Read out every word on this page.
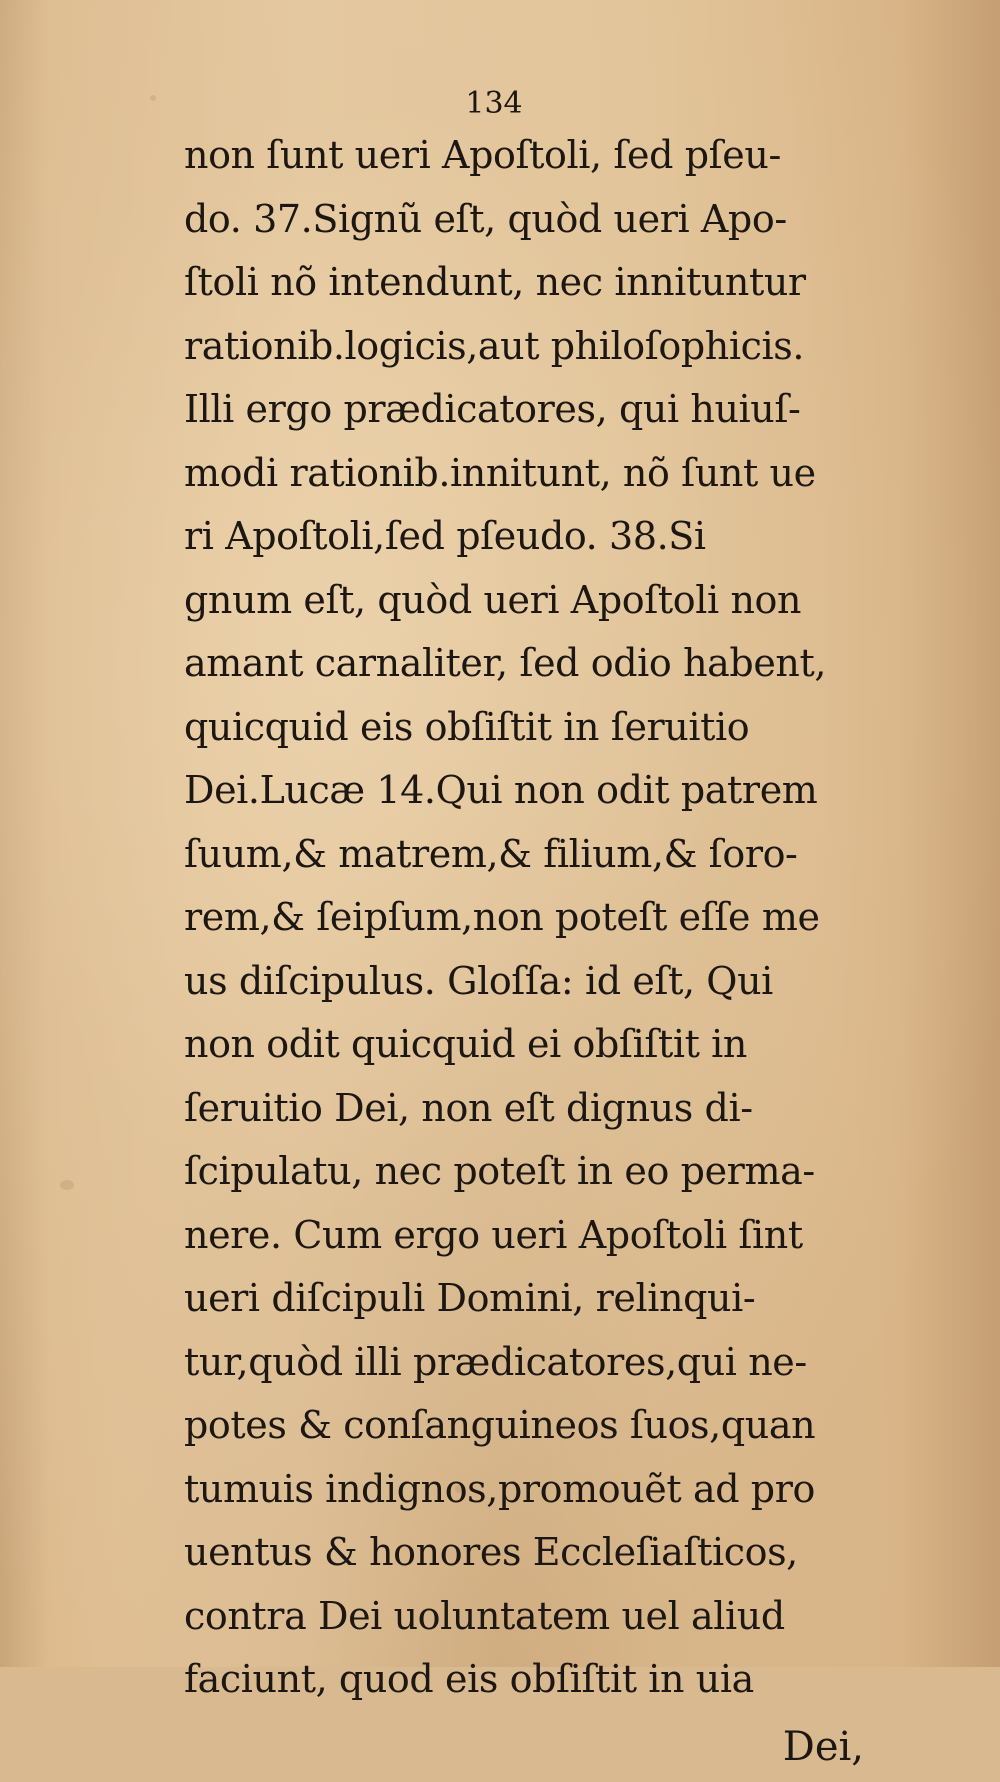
134
non ſunt ueri Apoſtoli, ſed pſeu-
do. 37.Signũ eſt, quòd ueri Apo-
ſtoli nõ intendunt, nec innituntur
rationib.logicis,aut philoſophicis.
Illi ergo prædicatores, qui huiuſ-
modi rationib.innitunt, nõ ſunt ue
ri Apoſtoli,ſed pſeudo. 38.Si
gnum eſt, quòd ueri Apoſtoli non
amant carnaliter, ſed odio habent,
quicquid eis obſiſtit in ſeruitio
Dei.Lucæ 14.Qui non odit patrem
ſuum,& matrem,& filium,& ſoro-
rem,& ſeipſum,non poteſt eſſe me
us diſcipulus. Gloſſa: id eſt, Qui
non odit quicquid ei obſiſtit in
ſeruitio Dei, non eſt dignus di-
ſcipulatu, nec poteſt in eo perma-
nere. Cum ergo ueri Apoſtoli ſint
ueri diſcipuli Domini, relinqui-
tur,quòd illi prædicatores,qui ne-
potes & conſanguineos ſuos,quan
tumuis indignos,promouẽt ad pro
uentus & honores Eccleſiaſticos,
contra Dei uoluntatem uel aliud
faciunt, quod eis obſiſtit in uia
Dei,
